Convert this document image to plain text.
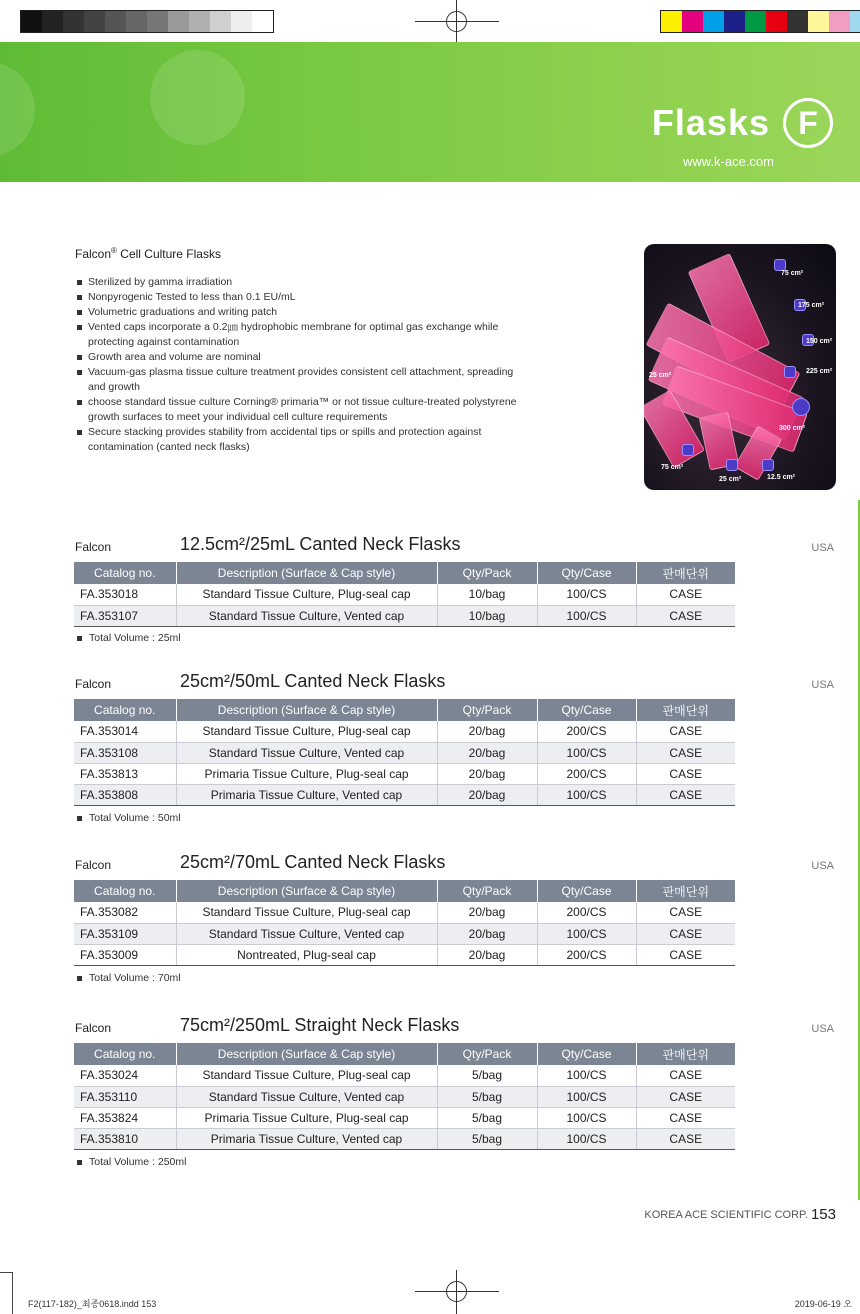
Flasks F
www.k-ace.com
Falcon® Cell Culture Flasks
Sterilized by gamma irradiation
Nonpyrogenic Tested to less than 0.1 EU/mL
Volumetric graduations and writing patch
Vented caps incorporate a 0.2㎛ hydrophobic membrane for optimal gas exchange while protecting against contamination
Growth area and volume are nominal
Vacuum-gas plasma tissue culture treatment provides consistent cell attachment, spreading and growth
choose standard tissue culture Corning® primaria™ or not tissue culture-treated polystyrene growth surfaces to meet your individual cell culture requirements
Secure stacking provides stability from accidental tips or spills and protection against contamination (canted neck flasks)
75 cm²
175 cm²
150 cm²
225 cm²
25 cm²
300 cm²
75 cm²
25 cm²	12.5 cm²
Falcon	12.5cm²/25mL Canted Neck Flasks	USA
Catalog no.	Description (Surface & Cap style)	Qty/Pack	Qty/Case	판매단위
FA.353018	Standard Tissue Culture, Plug-seal cap	10/bag	100/CS	CASE
FA.353107	Standard Tissue Culture, Vented cap	10/bag	100/CS	CASE
Total Volume : 25ml
Falcon	25cm²/50mL Canted Neck Flasks	USA
Catalog no.	Description (Surface & Cap style)	Qty/Pack	Qty/Case	판매단위
FA.353014	Standard Tissue Culture, Plug-seal cap	20/bag	200/CS	CASE
FA.353108	Standard Tissue Culture, Vented cap	20/bag	100/CS	CASE
FA.353813	Primaria Tissue Culture, Plug-seal cap	20/bag	200/CS	CASE
FA.353808	Primaria Tissue Culture, Vented cap	20/bag	100/CS	CASE
Total Volume : 50ml
Falcon	25cm²/70mL Canted Neck Flasks	USA
Catalog no.	Description (Surface & Cap style)	Qty/Pack	Qty/Case	판매단위
FA.353082	Standard Tissue Culture, Plug-seal cap	20/bag	200/CS	CASE
FA.353109	Standard Tissue Culture, Vented cap	20/bag	100/CS	CASE
FA.353009	Nontreated, Plug-seal cap	20/bag	200/CS	CASE
Total Volume : 70ml
Falcon	75cm²/250mL Straight Neck Flasks	USA
Catalog no.	Description (Surface & Cap style)	Qty/Pack	Qty/Case	판매단위
FA.353024	Standard Tissue Culture, Plug-seal cap	5/bag	100/CS	CASE
FA.353110	Standard Tissue Culture, Vented cap	5/bag	100/CS	CASE
FA.353824	Primaria Tissue Culture, Plug-seal cap	5/bag	100/CS	CASE
FA.353810	Primaria Tissue Culture, Vented cap	5/bag	100/CS	CASE
Total Volume : 250ml
KOREA ACE SCIENTIFIC CORP. 153
F2(117-182)_최종0618.indd 153	2019-06-19 오
